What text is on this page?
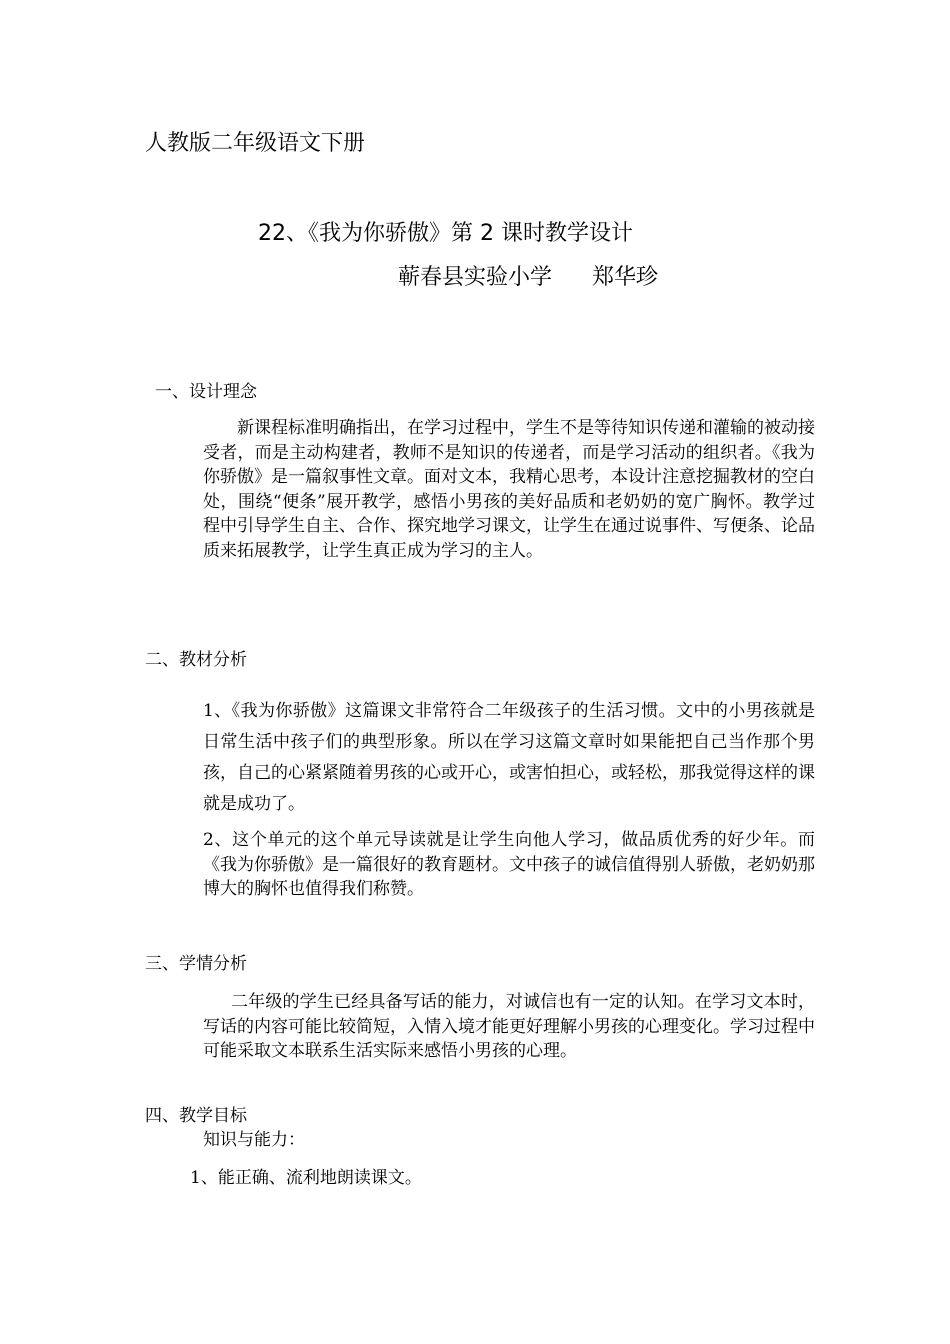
人教版二年级语文下册
22、《我为你骄傲》第 2 课时教学设计
蕲春县实验小学 郑华珍
一、设计理念
新课程标准明确指出，在学习过程中，学生不是等待知识传递和灌输的被动接受者，而是主动构建者，教师不是知识的传递者，而是学习活动的组织者。《我为你骄傲》是一篇叙事性文章。面对文本，我精心思考，本设计注意挖掘教材的空白处，围绕“便条”展开教学，感悟小男孩的美好品质和老奶奶的宽广胸怀。教学过程中引导学生自主、合作、探究地学习课文，让学生在通过说事件、写便条、论品质来拓展教学，让学生真正成为学习的主人。
二、教材分析
1、《我为你骄傲》这篇课文非常符合二年级孩子的生活习惯。文中的小男孩就是日常生活中孩子们的典型形象。所以在学习这篇文章时如果能把自己当作那个男孩，自己的心紧紧随着男孩的心或开心，或害怕担心，或轻松，那我觉得这样的课就是成功了。
2、这个单元的这个单元导读就是让学生向他人学习，做品质优秀的好少年。而《我为你骄傲》是一篇很好的教育题材。文中孩子的诚信值得别人骄傲，老奶奶那博大的胸怀也值得我们称赞。
三、学情分析
二年级的学生已经具备写话的能力，对诚信也有一定的认知。在学习文本时，写话的内容可能比较简短，入情入境才能更好理解小男孩的心理变化。学习过程中可能采取文本联系生活实际来感悟小男孩的心理。
四、教学目标
知识与能力：
1、能正确、流利地朗读课文。
